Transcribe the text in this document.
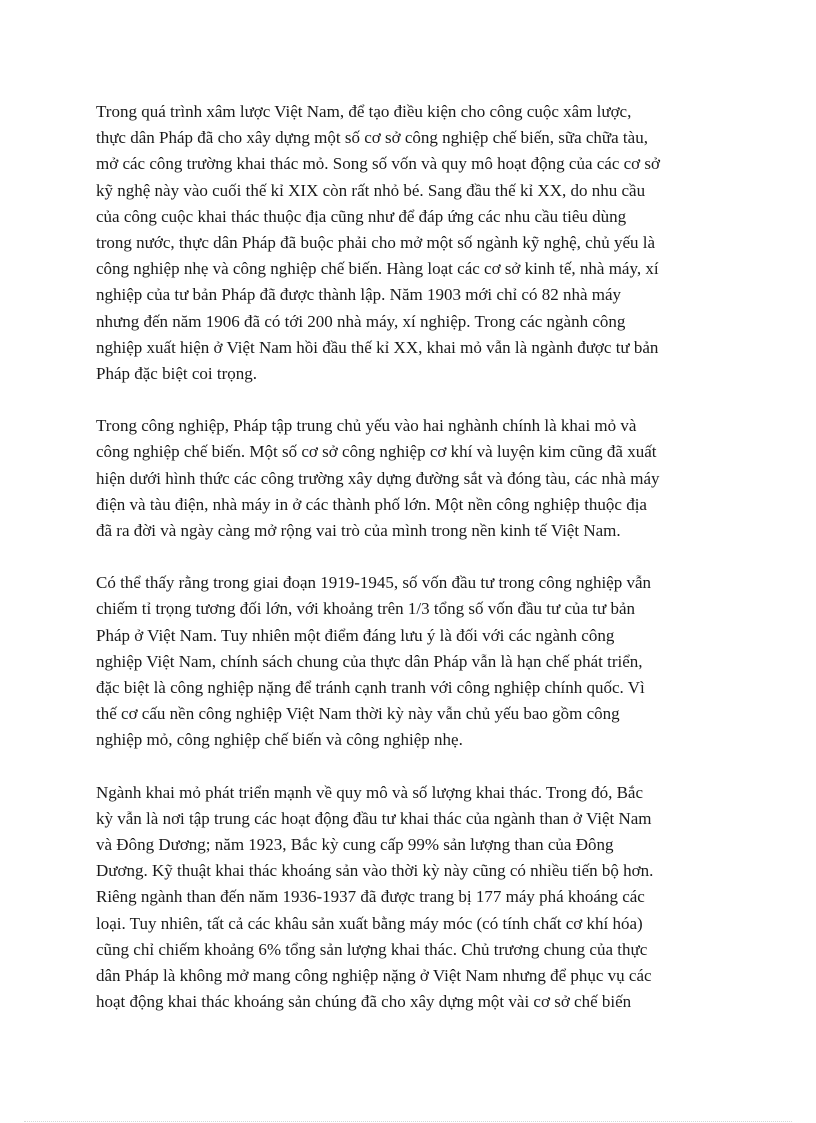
Trong quá trình xâm lược Việt Nam, để tạo điều kiện cho công cuộc xâm lược,
thực dân Pháp đã cho xây dựng một số cơ sở công nghiệp chế biến, sữa chữa tàu,
mở các công trường khai thác mỏ. Song số vốn và quy mô hoạt động của các cơ sở
kỹ nghệ này vào cuối thế kỉ XIX còn rất nhỏ bé. Sang đầu thế kỉ XX, do nhu cầu
của công cuộc khai thác thuộc địa cũng như để đáp ứng các nhu cầu tiêu dùng
trong nước, thực dân Pháp đã buộc phải cho mở một số ngành kỹ nghệ, chủ yếu là
công nghiệp nhẹ và công nghiệp chế biến. Hàng loạt các cơ sở kinh tế, nhà máy, xí
nghiệp của tư bản Pháp đã được thành lập. Năm 1903 mới chỉ có 82 nhà máy
nhưng đến năm 1906 đã có tới 200 nhà máy, xí nghiệp. Trong các ngành công
nghiệp xuất hiện ở Việt Nam hồi đầu thế kỉ XX, khai mỏ vẫn là ngành được tư bản
Pháp đặc biệt coi trọng.

Trong công nghiệp, Pháp tập trung chủ yếu vào hai nghành chính là khai mỏ và
công nghiệp chế biến. Một số cơ sở công nghiệp cơ khí và luyện kim cũng đã xuất
hiện dưới hình thức các công trường xây dựng đường sắt và đóng tàu, các nhà máy
điện và tàu điện, nhà máy in ở các thành phố lớn. Một nền công nghiệp thuộc địa
đã ra đời và ngày càng mở rộng vai trò của mình trong nền kinh tế Việt Nam.

Có thể thấy rằng trong giai đoạn 1919-1945, số vốn đầu tư trong công nghiệp vẫn
chiếm tỉ trọng tương đối lớn, với khoảng trên 1/3 tổng số vốn đầu tư của tư bản
Pháp ở Việt Nam. Tuy nhiên một điểm đáng lưu ý là đối với các ngành công
nghiệp Việt Nam, chính sách chung của thực dân Pháp vẫn là hạn chế phát triển,
đặc biệt là công nghiệp nặng để tránh cạnh tranh với công nghiệp chính quốc. Vì
thế cơ cấu nền công nghiệp Việt Nam thời kỳ này vẫn chủ yếu bao gồm công
nghiệp mỏ, công nghiệp chế biến và công nghiệp nhẹ.

Ngành khai mỏ phát triển mạnh về quy mô và số lượng khai thác. Trong đó, Bắc
kỳ vẫn là nơi tập trung các hoạt động đầu tư khai thác của ngành than ở Việt Nam
và Đông Dương; năm 1923, Bắc kỳ cung cấp 99% sản lượng than của Đông
Dương. Kỹ thuật khai thác khoáng sản vào thời kỳ này cũng có nhiều tiến bộ hơn.
Riêng ngành than đến năm 1936-1937 đã được trang bị 177 máy phá khoáng các
loại. Tuy nhiên, tất cả các khâu sản xuất bằng máy móc (có tính chất cơ khí hóa)
cũng chỉ chiếm khoảng 6% tổng sản lượng khai thác. Chủ trương chung của thực
dân Pháp là không mở mang công nghiệp nặng ở Việt Nam nhưng để phục vụ các
hoạt động khai thác khoáng sản chúng đã cho xây dựng một vài cơ sở chế biến
